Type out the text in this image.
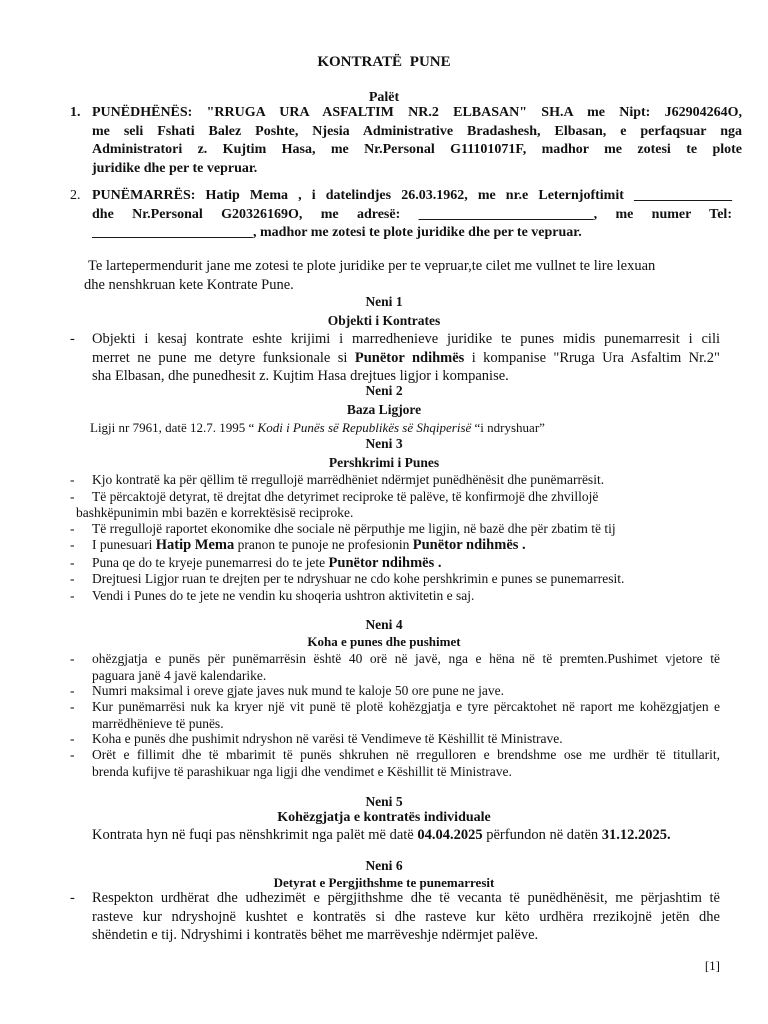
KONTRATË PUNE
Palët
1. PUNËDHËNËS: "RRUGA URA ASFALTIM NR.2 ELBASAN" SH.A me Nipt: J62904264O,
me seli Fshati Balez Poshte, Njesia Administrative Bradashesh, Elbasan, e perfaqsuar nga
Administratori z. Kujtim Hasa, me Nr.Personal G11101071F, madhor me zotesi te plote
juridike dhe per te vepruar.
2. PUNËMARRËS: Hatip Mema , i datelindjes 26.03.1962, me nr.e Leternjoftimit ______________
dhe Nr.Personal G20326169O, me adresë: _________________________, me numer Tel:
_______________________, madhor me zotesi te plote juridike dhe per te vepruar.
Te lartepermendurit jane me zotesi te plote juridike per te vepruar,te cilet me vullnet te lire lexuan
dhe nenshkruan kete Kontrate Pune.
Neni 1
Objekti i Kontrates
- Objekti i kesaj kontrate eshte krijimi i marredhenieve juridike te punes midis punemarresit i cili
merret ne pune me detyre funksionale si Punëtor ndihmës i kompanise "Rruga Ura Asfaltim Nr.2"
sha Elbasan, dhe punedhesit z. Kujtim Hasa drejtues ligjor i kompanise.
Neni 2
Baza Ligjore
Ligji nr 7961, datë 12.7. 1995 “ Kodi i Punës së Republikës së Shqiperisë “i ndryshuar”
Neni 3
Pershkrimi i Punes
- Kjo kontratë ka për qëllim të rregullojë marrëdhëniet ndërmjet punëdhënësit dhe punëmarrësit.
- Të përcaktojë detyrat, të drejtat dhe detyrimet reciproke të palëve, të konfirmojë dhe zhvillojë
bashkëpunimin mbi bazën e korrektësisë reciproke.
- Të rregullojë raportet ekonomike dhe sociale në përputhje me ligjin, në bazë dhe për zbatim të tij
- I punesuari Hatip Mema pranon te punoje ne profesionin Punëtor ndihmës .
- Puna qe do te kryeje punemarresi do te jete Punëtor ndihmës .
- Drejtuesi Ligjor ruan te drejten per te ndryshuar ne cdo kohe pershkrimin e punes se punemarresit.
- Vendi i Punes do te jete ne vendin ku shoqeria ushtron aktivitetin e saj.
Neni 4
Koha e punes dhe pushimet
- ohëzgjatja e punës për punëmarrësin është 40 orë në javë, nga e hëna në të premten.Pushimet vjetore të
paguara janë 4 javë kalendarike.
- Numri maksimal i oreve gjate javes nuk mund te kaloje 50 ore pune ne jave.
- Kur punëmarrësi nuk ka kryer një vit punë të plotë kohëzgjatja e tyre përcaktohet në raport me kohëzgjatjen e
marrëdhënieve të punës.
- Koha e punës dhe pushimit ndryshon në varësi të Vendimeve të Këshillit të Ministrave.
- Orët e fillimit dhe të mbarimit të punës shkruhen në rregulloren e brendshme ose me urdhër të titullarit,
brenda kufijve të parashikuar nga ligji dhe vendimet e Këshillit të Ministrave.
Neni 5
Kohëzgjatja e kontratës individuale
Kontrata hyn në fuqi pas nënshkrimit nga palët më datë 04.04.2025 përfundon në datën 31.12.2025.
Neni 6
Detyrat e Pergjithshme te punemarresit
- Respekton urdhërat dhe udhezimët e përgjithshme dhe të vecanta të punëdhënësit, me përjashtim të
rasteve kur ndryshojnë kushtet e kontratës si dhe rasteve kur këto urdhëra rrezikojnë jetën dhe
shëndetin e tij. Ndryshimi i kontratës bëhet me marrëveshje ndërmjet palëve.
[1]
